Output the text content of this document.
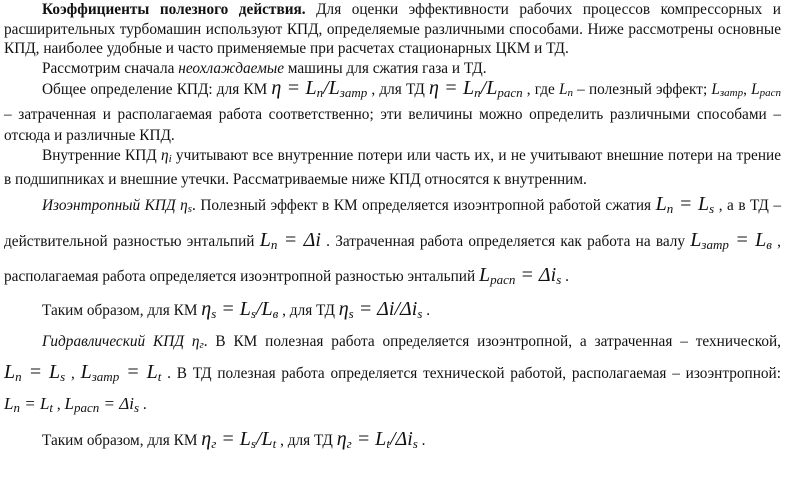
Коэффициенты полезного действия. Для оценки эффективности рабочих процессов компрессорных и расширительных турбомашин используют КПД, определяемые различными способами. Ниже рассмотрены основные КПД, наиболее удобные и часто применяемые при расчетах стационарных ЦКМ и ТД.

Рассмотрим сначала неохлаждаемые машины для сжатия газа и ТД.

Общее определение КПД: для КМ $\eta = L_п/L_{затр}$ , для ТД $\eta = L_п/L_{расп}$ , где $L_п$ – полезный эффект; $L_{затр}$, $L_{расп}$ – затраченная и располагаемая работа соответственно; эти величины можно определить различными способами – отсюда и различные КПД.

Внутренние КПД $\eta_i$ учитывают все внутренние потери или часть их, и не учитывают внешние потери на трение в подшипниках и внешние утечки. Рассматриваемые ниже КПД относятся к внутренним.

Изоэнтропный КПД $\eta_s$. Полезный эффект в КМ определяется изоэнтропной работой сжатия $L_п = L_s$ , а в ТД – действительной разностью энтальпий $L_п = \Delta i$ . Затраченная работа определяется как работа на валу $L_{затр} = L_в$ , располагаемая работа определяется изоэнтропной разностью энтальпий $L_{расп} = \Delta i_s$ .

Таким образом, для КМ $\eta_s = L_s/L_в$ , для ТД $\eta_s = \Delta i/\Delta i_s$ .

Гидравлический КПД $\eta_г$. В КМ полезная работа определяется изоэнтропной, а затраченная – технической, $L_п = L_s$ , $L_{затр} = L_t$ . В ТД полезная работа определяется технической работой, располагаемая – изоэнтропной: $L_п = L_t$ , $L_{расп} = \Delta i_s$ .

Таким образом, для КМ $\eta_г = L_s/L_t$ , для ТД $\eta_г = L_t/\Delta i_s$ .
